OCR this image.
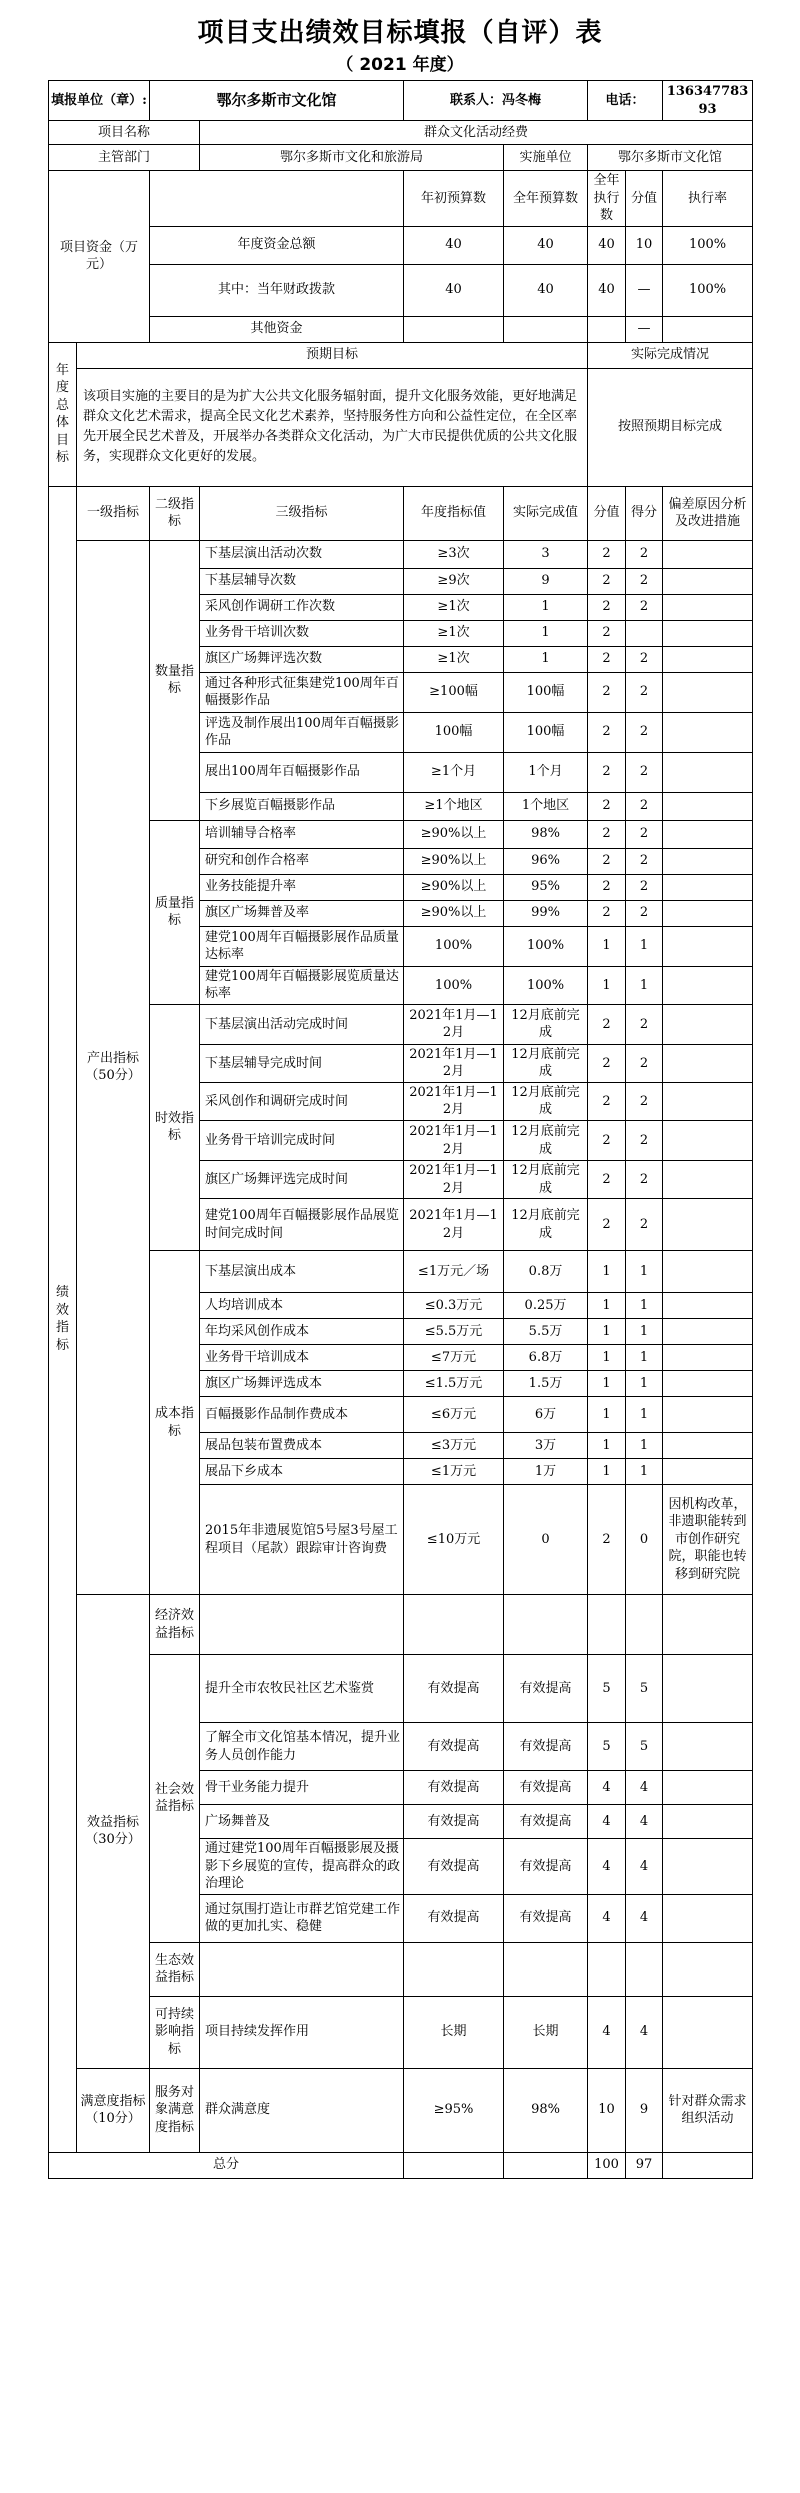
项目支出绩效目标填报（自评）表
（ 2021 年度）
填报单位（章）:		鄂尔多斯市文化馆		联系人：冯冬梅		电话：		13634778393	
项目名称			群众文化活动经费						
主管部门			鄂尔多斯市文化和旅游局		实施单位	鄂尔多斯市文化馆			
项目资金（万元）				年初预算数	全年预算数	全年执行数	分值	执行率	
		年度资金总额		40	40	40	10	100%	
		其中：当年财政拨款		40	40	40	—	100%	
		其他资金					—		
年度总体目标	预期目标					实际完成情况			
	该项目实施的主要目的是为扩大公共文化服务辐射面，提升文化服务效能，更好地满足群众文化艺术需求，提高全民文化艺术素养，坚持服务性方向和公益性定位，在全区率先开展全民艺术普及，开展举办各类群众文化活动，为广大市民提供优质的公共文化服务，实现群众文化更好的发展。					按照预期目标完成			
绩效指标	一级指标	二级指标	三级指标	年度指标值	实际完成值	分值	得分	偏差原因分析及改进措施	
	产出指标（50分）	数量指标	下基层演出活动次数	≥3次	3	2	2		
			下基层辅导次数	≥9次	9	2	2		
			采风创作调研工作次数	≥1次	1	2	2		
			业务骨干培训次数	≥1次	1	2			
			旗区广场舞评选次数	≥1次	1	2	2		
			通过各种形式征集建党100周年百幅摄影作品	≥100幅	100幅	2	2		
			评选及制作展出100周年百幅摄影作品	100幅	100幅	2	2		
			展出100周年百幅摄影作品	≥1个月	1个月	2	2		
			下乡展览百幅摄影作品	≥1个地区	1个地区	2	2		
		质量指标	培训辅导合格率	≥90%以上	98%	2	2		
			研究和创作合格率	≥90%以上	96%	2	2		
			业务技能提升率	≥90%以上	95%	2	2		
			旗区广场舞普及率	≥90%以上	99%	2	2		
			建党100周年百幅摄影展作品质量达标率	100%	100%	1	1		
			建党100周年百幅摄影展览质量达标率	100%	100%	1	1		
		时效指标	下基层演出活动完成时间	2021年1月—12月	12月底前完成	2	2		
			下基层辅导完成时间	2021年1月—12月	12月底前完成	2	2		
			采风创作和调研完成时间	2021年1月—12月	12月底前完成	2	2		
			业务骨干培训完成时间	2021年1月—12月	12月底前完成	2	2		
			旗区广场舞评选完成时间	2021年1月—12月	12月底前完成	2	2		
			建党100周年百幅摄影展作品展览时间完成时间	2021年1月—12月	12月底前完成	2	2		
		成本指标	下基层演出成本	≤1万元／场	0.8万	1	1		
			人均培训成本	≤0.3万元	0.25万	1	1		
			年均采风创作成本	≤5.5万元	5.5万	1	1		
			业务骨干培训成本	≤7万元	6.8万	1	1		
			旗区广场舞评选成本	≤1.5万元	1.5万	1	1		
			百幅摄影作品制作费成本	≤6万元	6万	1	1		
			展品包装布置费成本	≤3万元	3万	1	1		
			展品下乡成本	≤1万元	1万	1	1		
			2015年非遗展览馆5号屋3号屋工程项目（尾款）跟踪审计咨询费	≤10万元	0	2	0	因机构改革，非遗职能转到市创作研究院，职能也转移到研究院	
	效益指标（30分）	经济效益指标							
		社会效益指标	提升全市农牧民社区艺术鉴赏	有效提高	有效提高	5	5		
			了解全市文化馆基本情况，提升业务人员创作能力	有效提高	有效提高	5	5		
			骨干业务能力提升	有效提高	有效提高	4	4		
			广场舞普及	有效提高	有效提高	4	4		
			通过建党100周年百幅摄影展及摄影下乡展览的宣传，提高群众的政治理论	有效提高	有效提高	4	4		
			通过氛围打造让市群艺馆党建工作做的更加扎实、稳健	有效提高	有效提高	4	4		
		生态效益指标							
		可持续影响指标	项目持续发挥作用	长期	长期	4	4		
	满意度指标（10分）	服务对象满意度指标	群众满意度	≥95%	98%	10	9	针对群众需求组织活动	
总分						100	97		
